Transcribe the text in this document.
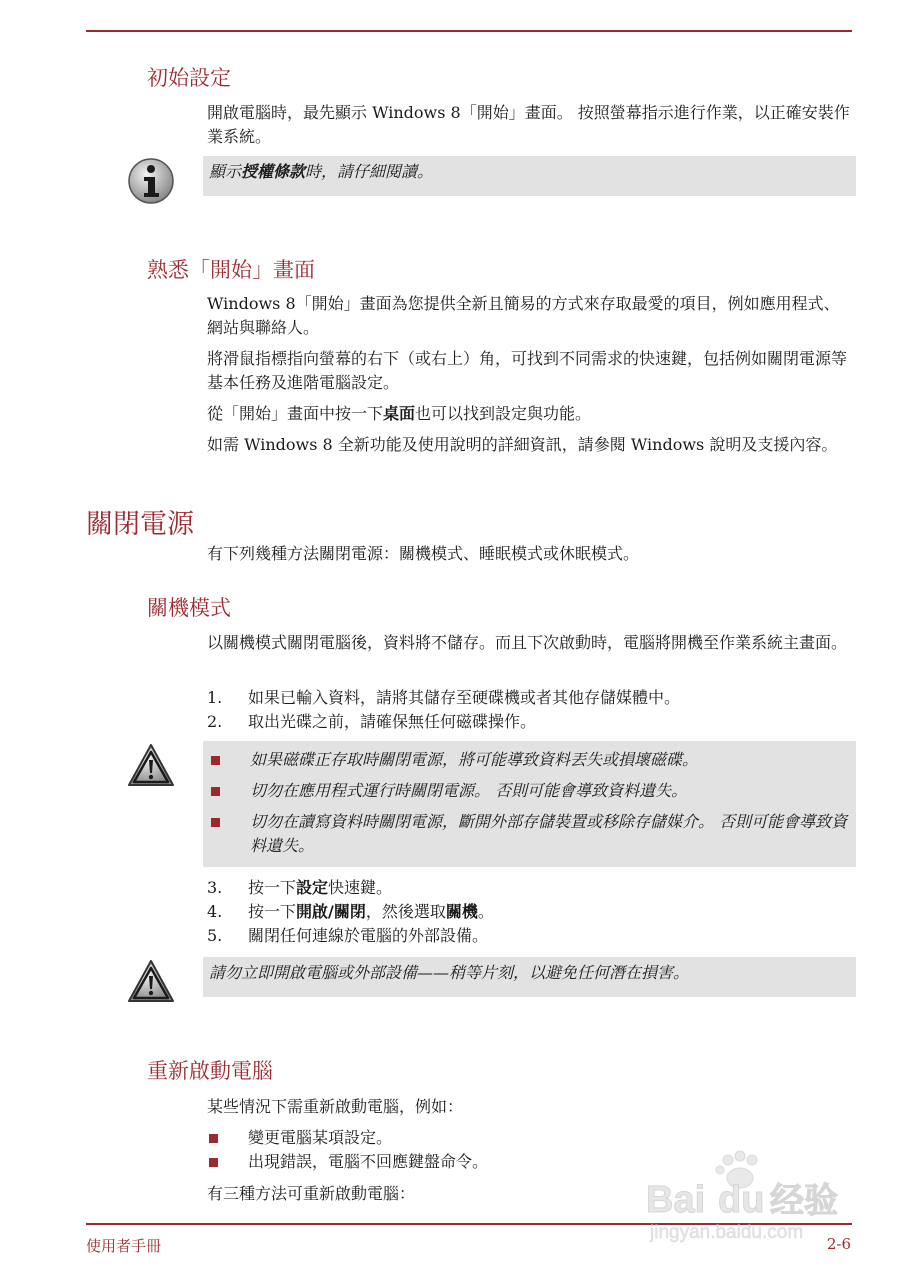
初始設定

開啟電腦時，最先顯示 Windows 8「開始」畫面。 按照螢幕指示進行作業，以正確安裝作業系統。

顯示授權條款時，請仔細閱讀。

熟悉「開始」畫面

Windows 8「開始」畫面為您提供全新且簡易的方式來存取最愛的項目，例如應用程式、網站與聯絡人。

將滑鼠指標指向螢幕的右下（或右上）角，可找到不同需求的快速鍵，包括例如關閉電源等基本任務及進階電腦設定。

從「開始」畫面中按一下桌面也可以找到設定與功能。

如需 Windows 8 全新功能及使用說明的詳細資訊，請參閱 Windows 說明及支援內容。

關閉電源

有下列幾種方法關閉電源：關機模式、睡眠模式或休眠模式。

關機模式

以關機模式關閉電腦後，資料將不儲存。而且下次啟動時，電腦將開機至作業系統主畫面。

1. 如果已輸入資料，請將其儲存至硬碟機或者其他存儲媒體中。
2. 取出光碟之前，請確保無任何磁碟操作。
如果磁碟正存取時關閉電源，將可能導致資料丟失或損壞磁碟。
切勿在應用程式運行時關閉電源。 否則可能會導致資料遺失。
切勿在讀寫資料時關閉電源，斷開外部存儲裝置或移除存儲媒介。 否則可能會導致資料遺失。
3. 按一下設定快速鍵。
4. 按一下開啟/關閉，然後選取關機。
5. 關閉任何連線於電腦的外部設備。

請勿立即開啟電腦或外部設備——稍等片刻，以避免任何潛在損害。

重新啟動電腦

某些情況下需重新啟動電腦，例如：

變更電腦某項設定。
出現錯誤，電腦不回應鍵盤命令。

有三種方法可重新啟動電腦：

使用者手冊	2-6
Bai du 经验
jingyan.baidu.com
